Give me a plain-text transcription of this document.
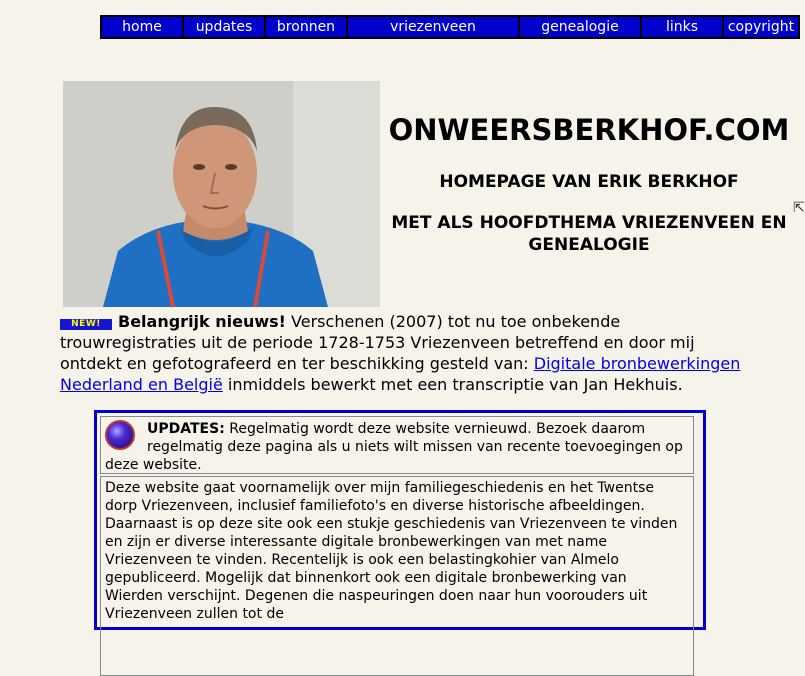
home	updates	bronnen	vriezenveen	genealogie	links	copyright
ONWEERSBERKHOF.COM
HOMEPAGE VAN ERIK BERKHOF
MET ALS HOOFDTHEMA VRIEZENVEEN EN GENEALOGIE
⇱
NEW! Belangrijk nieuws! Verschenen (2007) tot nu toe onbekende trouwregistraties uit de periode 1728-1753 Vriezenveen betreffend en door mij ontdekt en gefotografeerd en ter beschikking gesteld van: Digitale bronbewerkingen Nederland en België inmiddels bewerkt met een transcriptie van Jan Hekhuis.
UPDATES: Regelmatig wordt deze website vernieuwd. Bezoek daarom regelmatig deze pagina als u niets wilt missen van recente toevoegingen op deze website.
Deze website gaat voornamelijk over mijn familiegeschiedenis en het Twentse dorp Vriezenveen, inclusief familiefoto's en diverse historische afbeeldingen. Daarnaast is op deze site ook een stukje geschiedenis van Vriezenveen te vinden en zijn er diverse interessante digitale bronbewerkingen van met name Vriezenveen te vinden. Recentelijk is ook een belastingkohier van Almelo gepubliceerd. Mogelijk dat binnenkort ook een digitale bronbewerking van Wierden verschijnt. Degenen die naspeuringen doen naar hun voorouders uit Vriezenveen zullen tot de
